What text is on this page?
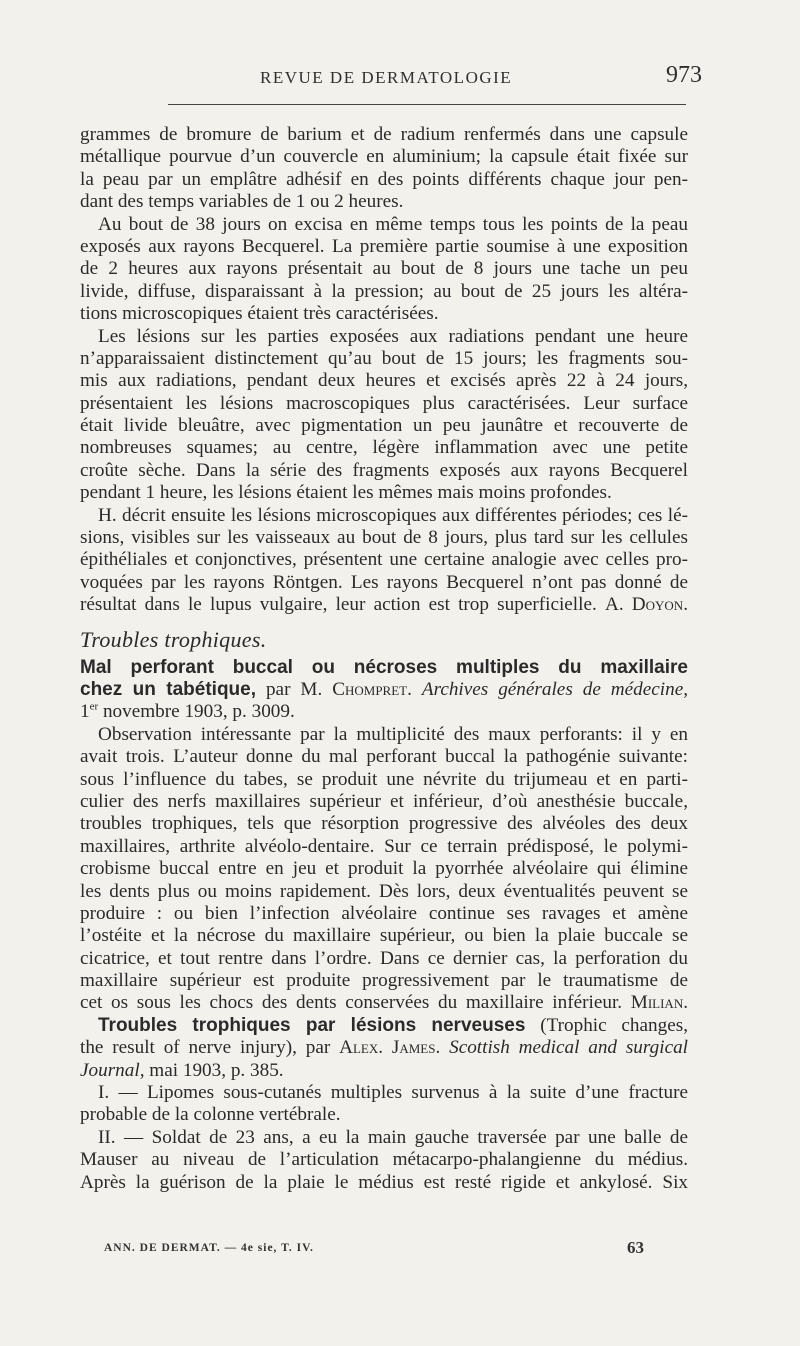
REVUE DE DERMATOLOGIE	973
grammes de bromure de barium et de radium renfermés dans une capsule
métallique pourvue d’un couvercle en aluminium; la capsule était fixée sur
la peau par un emplâtre adhésif en des points différents chaque jour pen-
dant des temps variables de 1 ou 2 heures.
Au bout de 38 jours on excisa en même temps tous les points de la peau
exposés aux rayons Becquerel. La première partie soumise à une exposition
de 2 heures aux rayons présentait au bout de 8 jours une tache un peu
livide, diffuse, disparaissant à la pression; au bout de 25 jours les altéra-
tions microscopiques étaient très caractérisées.
Les lésions sur les parties exposées aux radiations pendant une heure
n’apparaissaient distinctement qu’au bout de 15 jours; les fragments sou-
mis aux radiations, pendant deux heures et excisés après 22 à 24 jours,
présentaient les lésions macroscopiques plus caractérisées. Leur surface
était livide bleuâtre, avec pigmentation un peu jaunâtre et recouverte de
nombreuses squames; au centre, légère inflammation avec une petite
croûte sèche. Dans la série des fragments exposés aux rayons Becquerel
pendant 1 heure, les lésions étaient les mêmes mais moins profondes.
H. décrit ensuite les lésions microscopiques aux différentes périodes; ces lé-
sions, visibles sur les vaisseaux au bout de 8 jours, plus tard sur les cellules
épithéliales et conjonctives, présentent une certaine analogie avec celles pro-
voquées par les rayons Röntgen. Les rayons Becquerel n’ont pas donné de
résultat dans le lupus vulgaire, leur action est trop superficielle. A. Doyon.
Troubles trophiques.
Mal perforant buccal ou nécroses multiples du maxillaire
chez un tabétique, par M. Chompret. Archives générales de médecine,
1er novembre 1903, p. 3009.
Observation intéressante par la multiplicité des maux perforants: il y en
avait trois. L’auteur donne du mal perforant buccal la pathogénie suivante:
sous l’influence du tabes, se produit une névrite du trijumeau et en parti-
culier des nerfs maxillaires supérieur et inférieur, d’où anesthésie buccale,
troubles trophiques, tels que résorption progressive des alvéoles des deux
maxillaires, arthrite alvéolo-dentaire. Sur ce terrain prédisposé, le polymi-
crobisme buccal entre en jeu et produit la pyorrhée alvéolaire qui élimine
les dents plus ou moins rapidement. Dès lors, deux éventualités peuvent se
produire : ou bien l’infection alvéolaire continue ses ravages et amène
l’ostéite et la nécrose du maxillaire supérieur, ou bien la plaie buccale se
cicatrice, et tout rentre dans l’ordre. Dans ce dernier cas, la perforation du
maxillaire supérieur est produite progressivement par le traumatisme de
cet os sous les chocs des dents conservées du maxillaire inférieur. Milian.
Troubles trophiques par lésions nerveuses (Trophic changes,
the result of nerve injury), par Alex. James. Scottish medical and surgical
Journal, mai 1903, p. 385.
I. — Lipomes sous-cutanés multiples survenus à la suite d’une fracture
probable de la colonne vertébrale.
II. — Soldat de 23 ans, a eu la main gauche traversée par une balle de
Mauser au niveau de l’articulation métacarpo-phalangienne du médius.
Après la guérison de la plaie le médius est resté rigide et ankylosé. Six
ANN. DE DERMAT. — 4e sie, T. IV.	63
